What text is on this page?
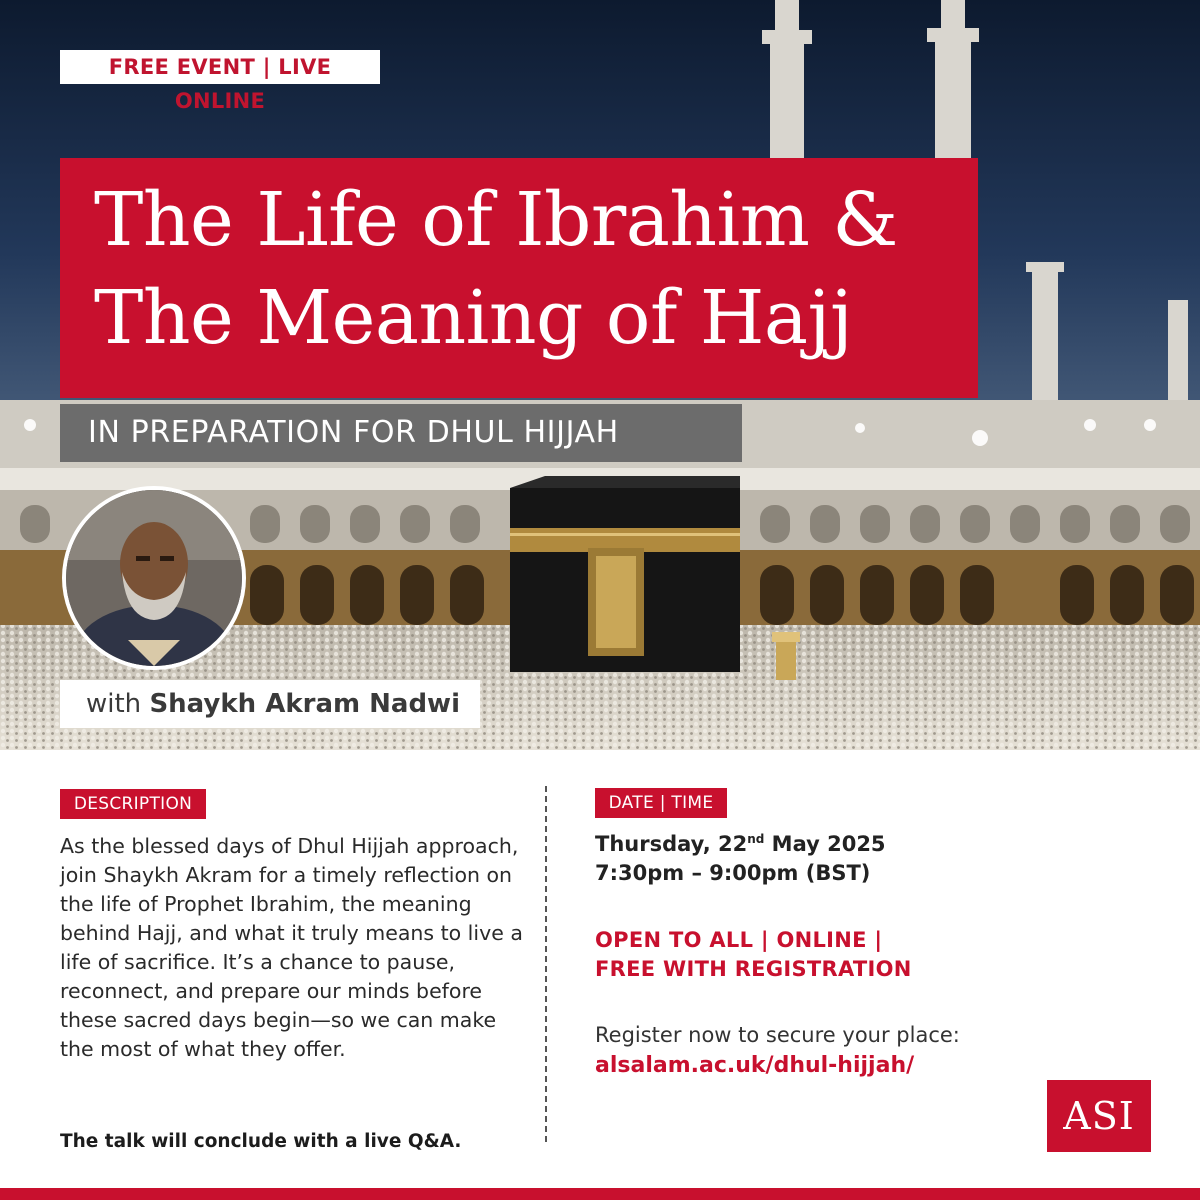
FREE EVENT | LIVE ONLINE
The Life of Ibrahim &
The Meaning of Hajj
IN PREPARATION FOR DHUL HIJJAH
with Shaykh Akram Nadwi
DESCRIPTION
As the blessed days of Dhul Hijjah approach, join Shaykh Akram for a timely reflection on the life of Prophet Ibrahim, the meaning behind Hajj, and what it truly means to live a life of sacrifice. It’s a chance to pause, reconnect, and prepare our minds before these sacred days begin—so we can make the most of what they offer.
The talk will conclude with a live Q&A.
DATE | TIME
Thursday, 22nd May 2025
7:30pm – 9:00pm (BST)
OPEN TO ALL | ONLINE |
FREE WITH REGISTRATION
Register now to secure your place:
alsalam.ac.uk/dhul-hijjah/
ASI
